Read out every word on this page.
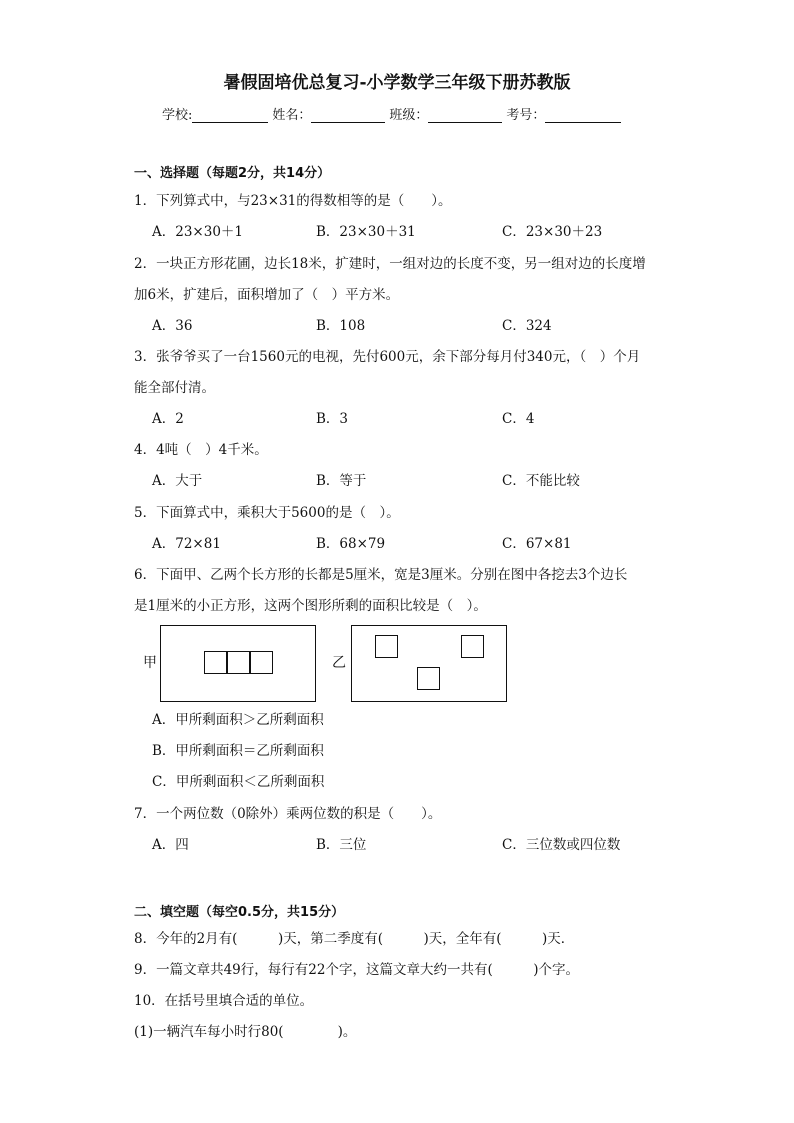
暑假固培优总复习-小学数学三年级下册苏教版
学校:	姓名：	班级：	考号：
一、选择题（每题2分，共14分）
1．下列算式中，与23×31的得数相等的是（　　）。
A．23×30＋1	B．23×30＋31	C．23×30＋23
2．一块正方形花圃，边长18米，扩建时，一组对边的长度不变，另一组对边的长度增
加6米，扩建后，面积增加了（　）平方米。
A．36	B．108	C．324
3．张爷爷买了一台1560元的电视，先付600元，余下部分每月付340元，（　）个月
能全部付清。
A．2	B．3	C．4
4．4吨（　）4千米。
A．大于	B．等于	C．不能比较
5．下面算式中，乘积大于5600的是（　）。
A．72×81	B．68×79	C．67×81
6．下面甲、乙两个长方形的长都是5厘米，宽是3厘米。分别在图中各挖去3个边长
是1厘米的小正方形，这两个图形所剩的面积比较是（　）。
甲	乙
A．甲所剩面积＞乙所剩面积
B．甲所剩面积＝乙所剩面积
C．甲所剩面积＜乙所剩面积
7．一个两位数（0除外）乘两位数的积是（　　）。
A．四	B．三位	C．三位数或四位数
二、填空题（每空0.5分，共15分）
8．今年的2月有(　　　)天，第二季度有(　　　)天，全年有(　　　)天．
9．一篇文章共49行，每行有22个字，这篇文章大约一共有(　　　)个字。
10．在括号里填合适的单位。
(1)一辆汽车每小时行80(　　　　)。
